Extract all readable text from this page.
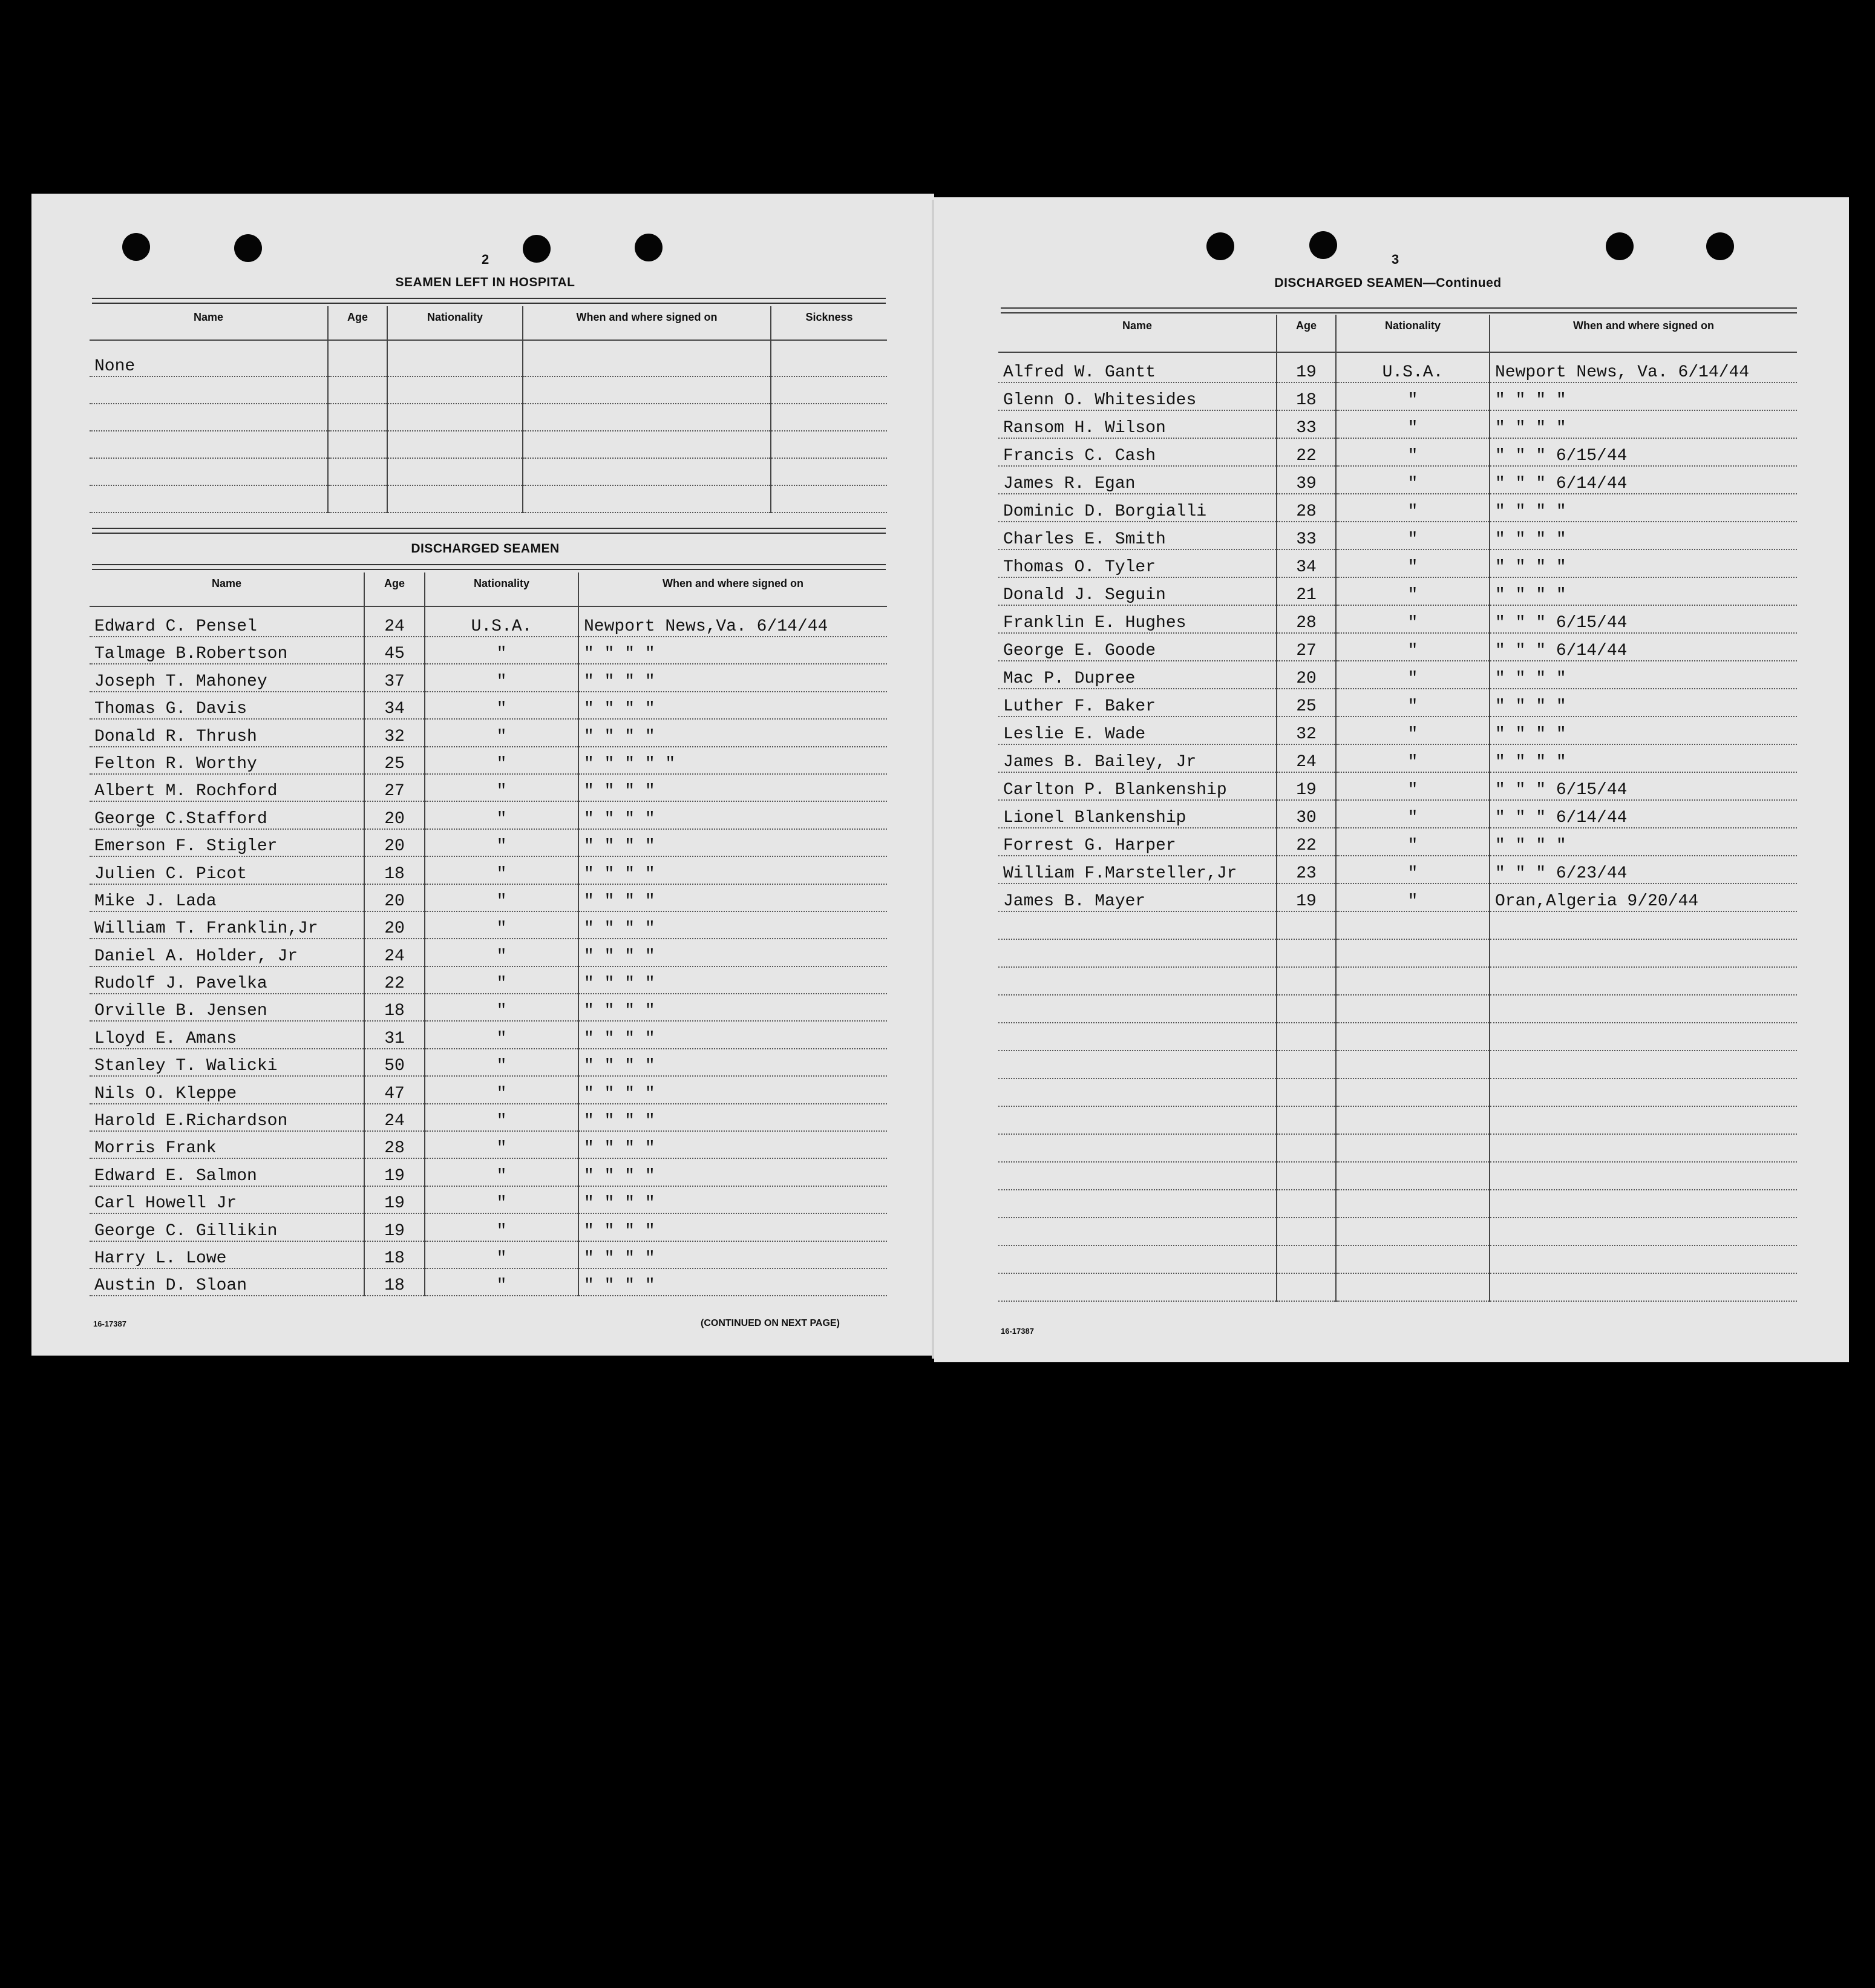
2
SEAMEN LEFT IN HOSPITAL
Name	Age	Nationality	When and where signed on	Sickness
None				

DISCHARGED SEAMEN
Name	Age	Nationality	When and where signed on
Edward C. Pensel	24	U.S.A.	Newport News,Va. 6/14/44
Talmage B.Robertson	45	"	" " " "
Joseph T. Mahoney	37	"	" " " "
Thomas G. Davis	34	"	" " " "
Donald R. Thrush	32	"	" " " "
Felton R. Worthy	25	"	" " " " "
Albert M. Rochford	27	"	" " " "
George C.Stafford	20	"	" " " "
Emerson F. Stigler	20	"	" " " "
Julien C. Picot	18	"	" " " "
Mike J. Lada	20	"	" " " "
William T. Franklin,Jr	20	"	" " " "
Daniel A. Holder, Jr	24	"	" " " "
Rudolf J. Pavelka	22	"	" " " "
Orville B. Jensen	18	"	" " " "
Lloyd E. Amans	31	"	" " " "
Stanley T. Walicki	50	"	" " " "
Nils O. Kleppe	47	"	" " " "
Harold E.Richardson	24	"	" " " "
Morris Frank	28	"	" " " "
Edward E. Salmon	19	"	" " " "
Carl Howell Jr	19	"	" " " "
George C. Gillikin	19	"	" " " "
Harry L. Lowe	18	"	" " " "
Austin D. Sloan	18	"	" " " "
16-17387	(CONTINUED ON NEXT PAGE)
3
DISCHARGED SEAMEN—Continued
Name	Age	Nationality	When and where signed on
Alfred W. Gantt	19	U.S.A.	Newport News, Va. 6/14/44
Glenn O. Whitesides	18	"	" " " "
Ransom H. Wilson	33	"	" " " "
Francis C. Cash	22	"	" " " 6/15/44
James R. Egan	39	"	" " " 6/14/44
Dominic D. Borgialli	28	"	" " " "
Charles E. Smith	33	"	" " " "
Thomas O. Tyler	34	"	" " " "
Donald J. Seguin	21	"	" " " "
Franklin E. Hughes	28	"	" " " 6/15/44
George E. Goode	27	"	" " " 6/14/44
Mac P. Dupree	20	"	" " " "
Luther F. Baker	25	"	" " " "
Leslie E. Wade	32	"	" " " "
James B. Bailey, Jr	24	"	" " " "
Carlton P. Blankenship	19	"	" " " 6/15/44
Lionel Blankenship	30	"	" " " 6/14/44
Forrest G. Harper	22	"	" " " "
William F.Marsteller,Jr	23	"	" " " 6/23/44
James B. Mayer	19	"	Oran,Algeria 9/20/44

16-17387
